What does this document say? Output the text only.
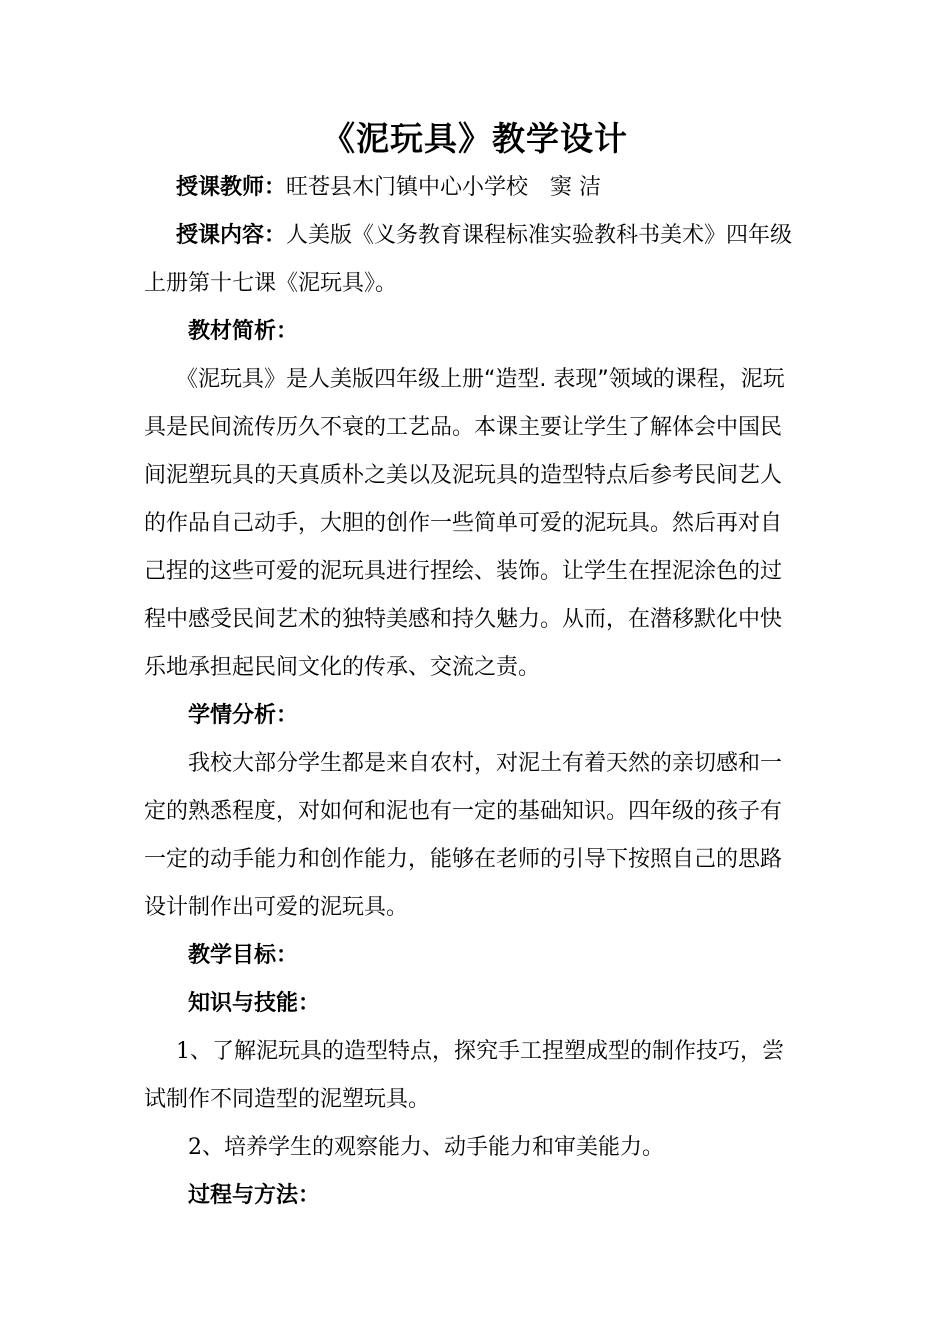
《泥玩具》教学设计
授课教师：旺苍县木门镇中心小学校　窦 洁
授课内容：人美版《义务教育课程标准实验教科书美术》四年级
上册第十七课《泥玩具》。
教材简析：
《泥玩具》是人美版四年级上册“造型. 表现”领域的课程，泥玩
具是民间流传历久不衰的工艺品。本课主要让学生了解体会中国民
间泥塑玩具的天真质朴之美以及泥玩具的造型特点后参考民间艺人
的作品自己动手，大胆的创作一些简单可爱的泥玩具。然后再对自
己捏的这些可爱的泥玩具进行捏绘、装饰。让学生在捏泥涂色的过
程中感受民间艺术的独特美感和持久魅力。从而，在潜移默化中快
乐地承担起民间文化的传承、交流之责。
学情分析：
我校大部分学生都是来自农村，对泥土有着天然的亲切感和一
定的熟悉程度，对如何和泥也有一定的基础知识。四年级的孩子有
一定的动手能力和创作能力，能够在老师的引导下按照自己的思路
设计制作出可爱的泥玩具。
教学目标：
知识与技能：
1、了解泥玩具的造型特点，探究手工捏塑成型的制作技巧，尝
试制作不同造型的泥塑玩具。
2、培养学生的观察能力、动手能力和审美能力。
过程与方法：
